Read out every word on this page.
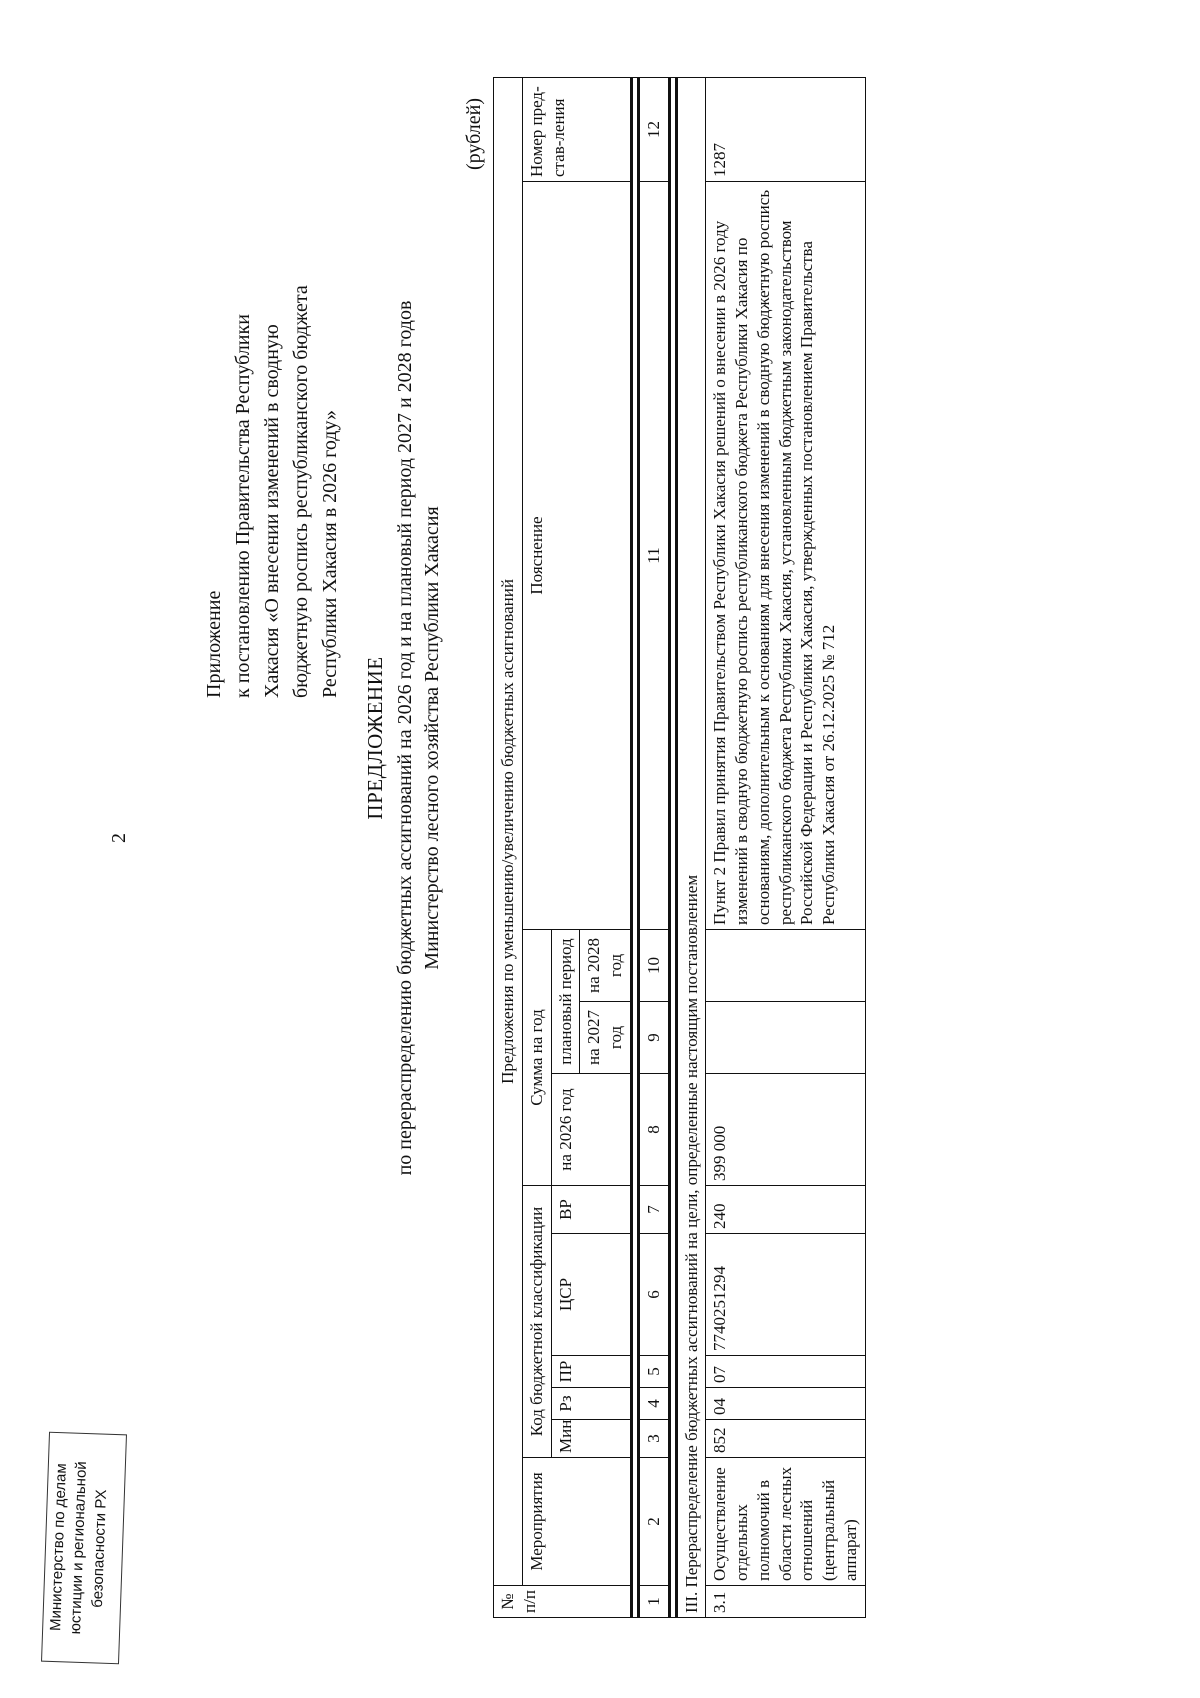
2
Приложение к постановлению Правительства Республики Хакасия «О внесении изменений в сводную бюджетную роспись республиканского бюджета Республики Хакасия в 2026 году»
ПРЕДЛОЖЕНИЕ по перераспределению бюджетных ассигнований на 2026 год и на плановый период 2027 и 2028 годов Министерство лесного хозяйства Республики Хакасия
(рублей)
№ п/п	Предложения по уменьшению/увеличению бюджетных ассигнований										
	Мероприятия	Код бюджетной классификации					Сумма на год			Пояснение	Номер пред-став-ления
		Мин	Рз	ПР	ЦСР	ВР	на 2026 год	плановый период			
								на 2027 год	на 2028 год		

1	2	3	4	5	6	7	8	9	10	11	12

III. Перераспределение бюджетных ассигнований на цели, определенные настоящим постановлением											
3.1	Осуществление отдельных полномочий в области лесных отношений (центральный аппарат)	852	04	07	7740251294	240	399 000			Пункт 2 Правил принятия Правительством Республики Хакасия решений о внесении в 2026 году изменений в сводную бюджетную роспись республиканского бюджета Республики Хакасия по основаниям, дополнительным к основаниям для внесения изменений в сводную бюджетную роспись республиканского бюджета Республики Хакасия, установленным бюджетным законодательством Российской Федерации и Республики Хакасия, утвержденных постановлением Правительства Республики Хакасия от 26.12.2025 № 712	1287
Министерство по делам
юстиции и региональной
безопасности РХ
